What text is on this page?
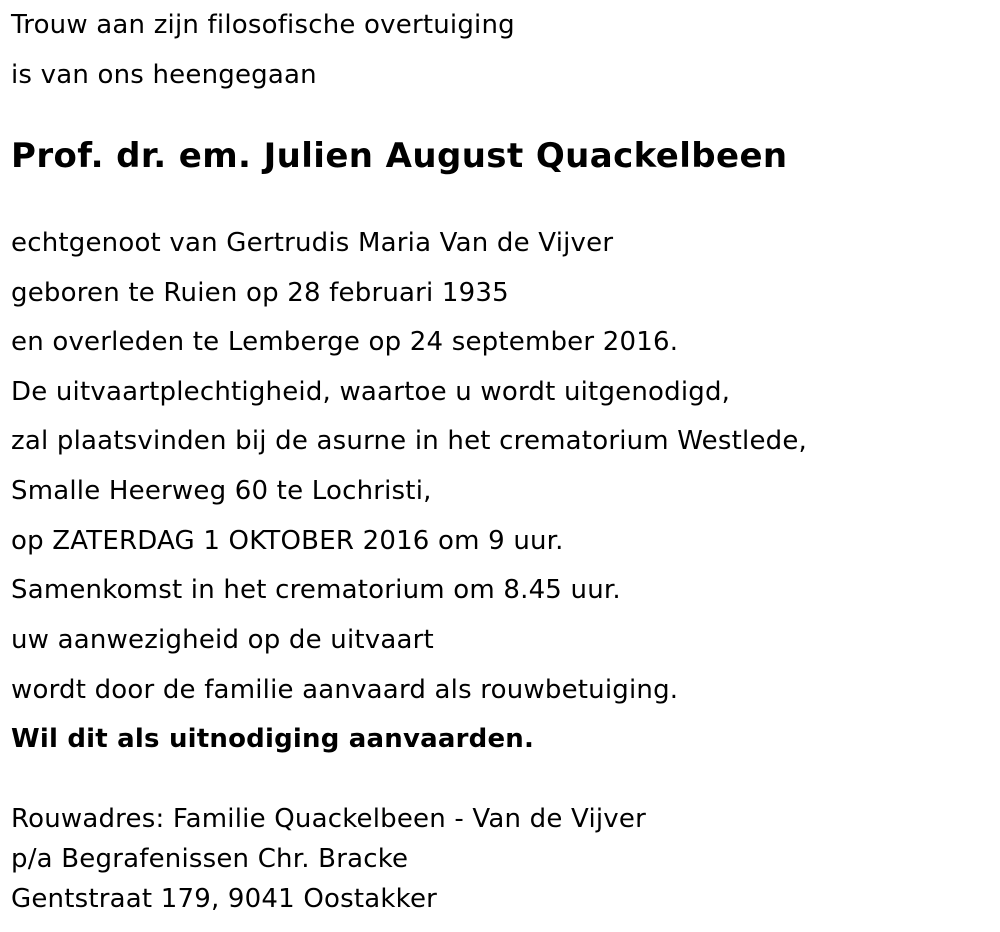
Trouw aan zijn filosofische overtuiging
is van ons heengegaan
Prof. dr. em. Julien August Quackelbeen
echtgenoot van Gertrudis Maria Van de Vijver
geboren te Ruien op 28 februari 1935
en overleden te Lemberge op 24 september 2016.
De uitvaartplechtigheid, waartoe u wordt uitgenodigd,
zal plaatsvinden bij de asurne in het crematorium Westlede,
Smalle Heerweg 60 te Lochristi,
op ZATERDAG 1 OKTOBER 2016 om 9 uur.
Samenkomst in het crematorium om 8.45 uur.
uw aanwezigheid op de uitvaart
wordt door de familie aanvaard als rouwbetuiging.
Wil dit als uitnodiging aanvaarden.
Rouwadres: Familie Quackelbeen - Van de Vijver
p/a Begrafenissen Chr. Bracke
Gentstraat 179, 9041 Oostakker
